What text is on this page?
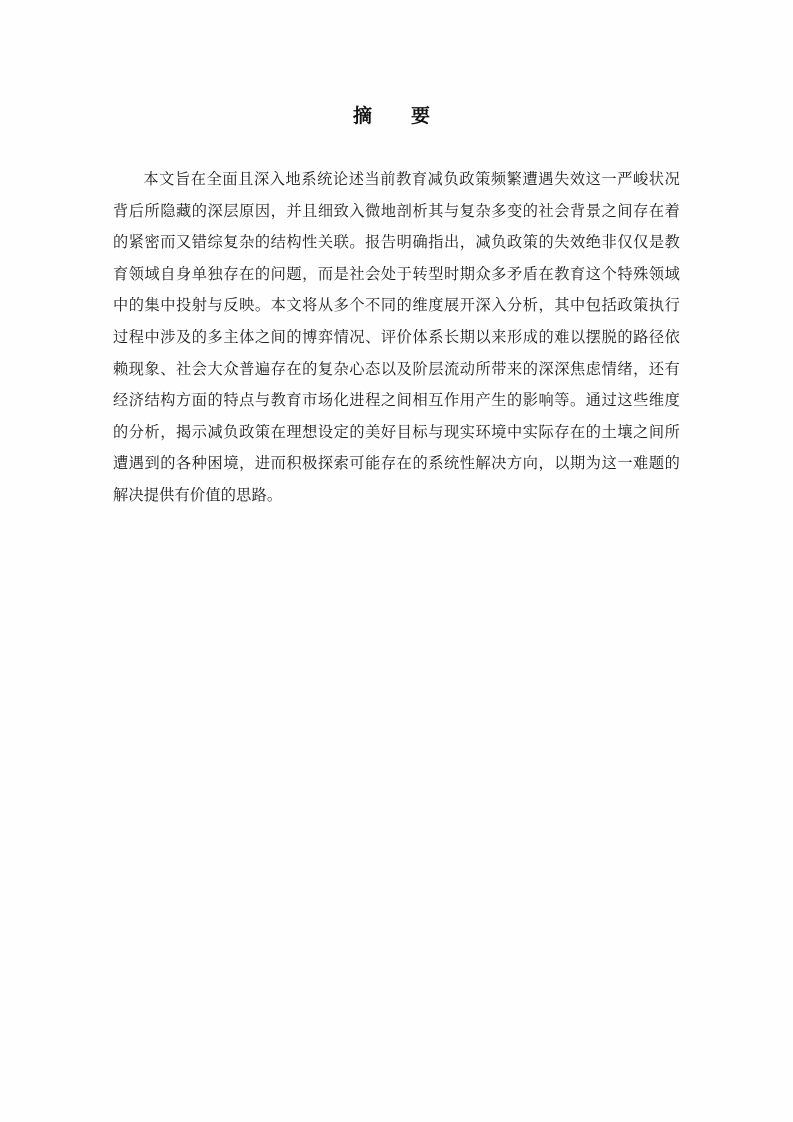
摘　要

本文旨在全面且深入地系统论述当前教育减负政策频繁遭遇失效这一严峻状况背后所隐藏的深层原因，并且细致入微地剖析其与复杂多变的社会背景之间存在着的紧密而又错综复杂的结构性关联。报告明确指出，减负政策的失效绝非仅仅是教育领域自身单独存在的问题，而是社会处于转型时期众多矛盾在教育这个特殊领域中的集中投射与反映。本文将从多个不同的维度展开深入分析，其中包括政策执行过程中涉及的多主体之间的博弈情况、评价体系长期以来形成的难以摆脱的路径依赖现象、社会大众普遍存在的复杂心态以及阶层流动所带来的深深焦虑情绪，还有经济结构方面的特点与教育市场化进程之间相互作用产生的影响等。通过这些维度的分析，揭示减负政策在理想设定的美好目标与现实环境中实际存在的土壤之间所遭遇到的各种困境，进而积极探索可能存在的系统性解决方向，以期为这一难题的解决提供有价值的思路。
